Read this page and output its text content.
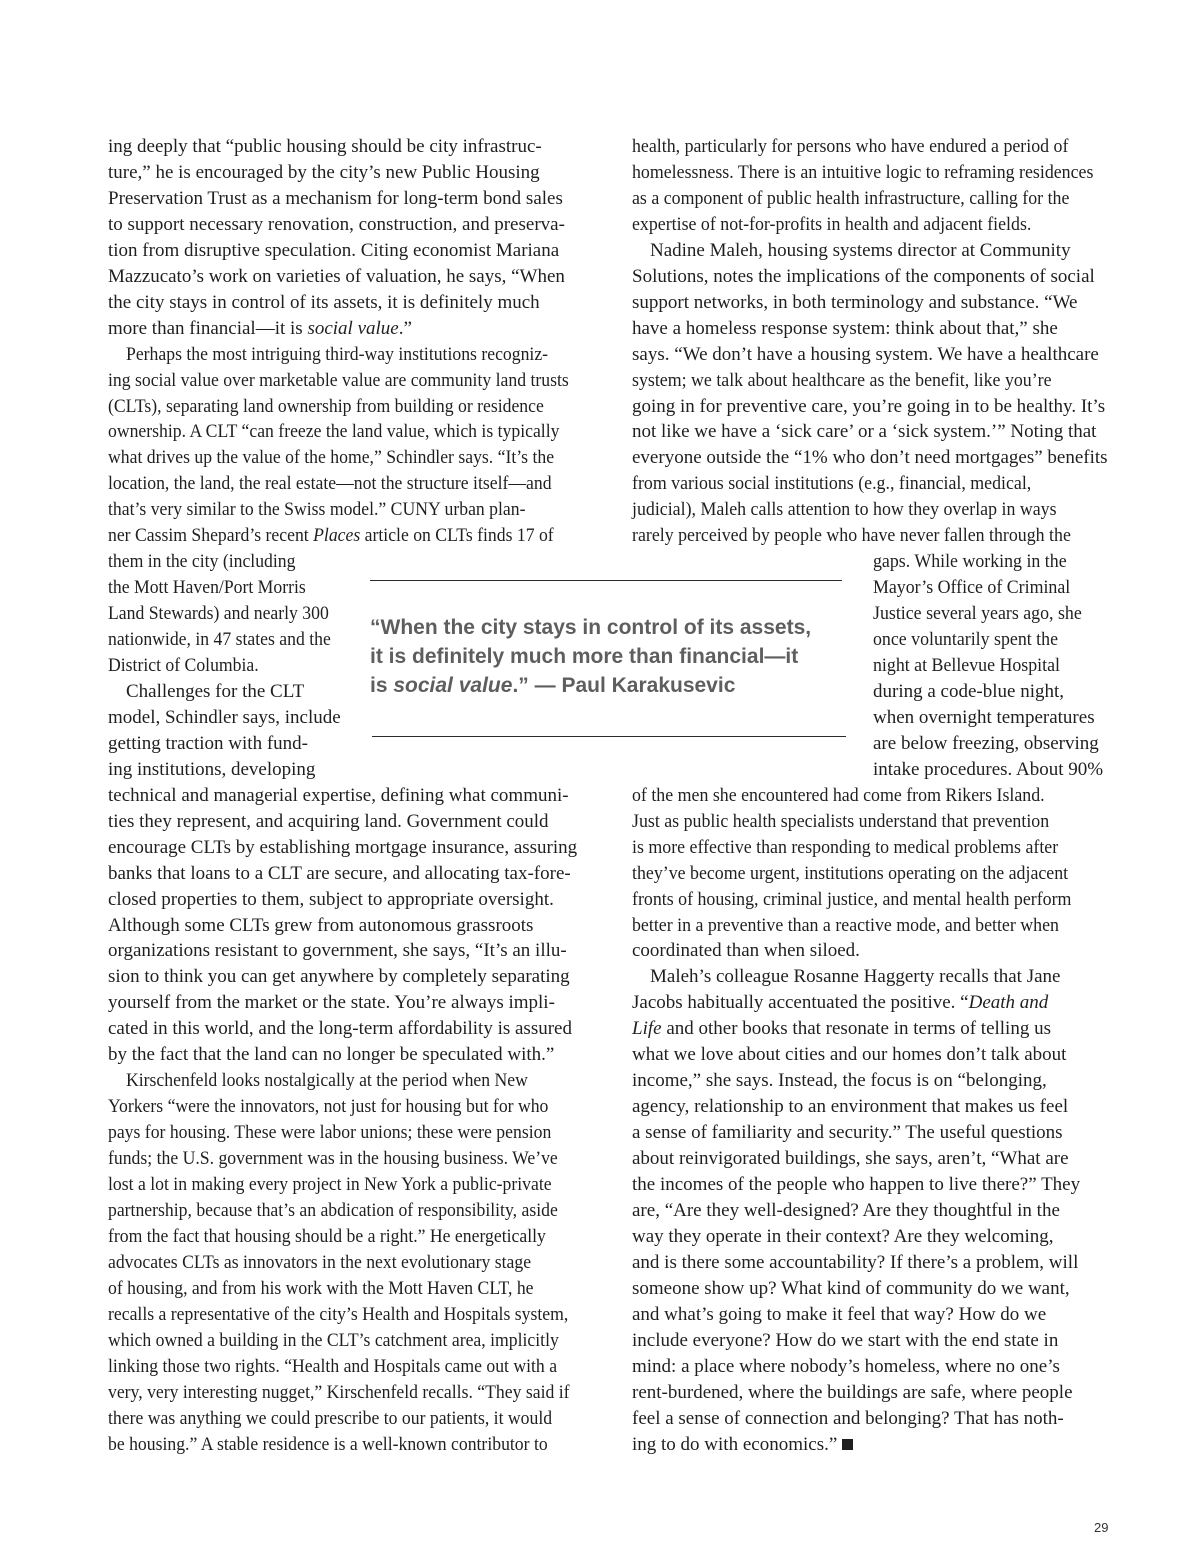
ing deeply that “public housing should be city infrastruc-
ture,” he is encouraged by the city’s new Public Housing
Preservation Trust as a mechanism for long-term bond sales
to support necessary renovation, construction, and preserva-
tion from disruptive speculation. Citing economist Mariana
Mazzucato’s work on varieties of valuation, he says, “When
the city stays in control of its assets, it is definitely much
more than financial—it is social value.”
Perhaps the most intriguing third-way institutions recogniz-
ing social value over marketable value are community land trusts
(CLTs), separating land ownership from building or residence
ownership. A CLT “can freeze the land value, which is typically
what drives up the value of the home,” Schindler says. “It’s the
location, the land, the real estate—not the structure itself—and
that’s very similar to the Swiss model.” CUNY urban plan-
ner Cassim Shepard’s recent Places article on CLTs finds 17 of
them in the city (including
the Mott Haven/Port Morris
Land Stewards) and nearly 300
nationwide, in 47 states and the
District of Columbia.
Challenges for the CLT
model, Schindler says, include
getting traction with fund-
ing institutions, developing
technical and managerial expertise, defining what communi-
ties they represent, and acquiring land. Government could
encourage CLTs by establishing mortgage insurance, assuring
banks that loans to a CLT are secure, and allocating tax-fore-
closed properties to them, subject to appropriate oversight.
Although some CLTs grew from autonomous grassroots
organizations resistant to government, she says, “It’s an illu-
sion to think you can get anywhere by completely separating
yourself from the market or the state. You’re always impli-
cated in this world, and the long-term affordability is assured
by the fact that the land can no longer be speculated with.”
Kirschenfeld looks nostalgically at the period when New
Yorkers “were the innovators, not just for housing but for who
pays for housing. These were labor unions; these were pension
funds; the U.S. government was in the housing business. We’ve
lost a lot in making every project in New York a public-private
partnership, because that’s an abdication of responsibility, aside
from the fact that housing should be a right.” He energetically
advocates CLTs as innovators in the next evolutionary stage
of housing, and from his work with the Mott Haven CLT, he
recalls a representative of the city’s Health and Hospitals system,
which owned a building in the CLT’s catchment area, implicitly
linking those two rights. “Health and Hospitals came out with a
very, very interesting nugget,” Kirschenfeld recalls. “They said if
there was anything we could prescribe to our patients, it would
be housing.” A stable residence is a well-known contributor to
health, particularly for persons who have endured a period of
homelessness. There is an intuitive logic to reframing residences
as a component of public health infrastructure, calling for the
expertise of not-for-profits in health and adjacent fields.
Nadine Maleh, housing systems director at Community
Solutions, notes the implications of the components of social
support networks, in both terminology and substance. “We
have a homeless response system: think about that,” she
says. “We don’t have a housing system. We have a healthcare
system; we talk about healthcare as the benefit, like you’re
going in for preventive care, you’re going in to be healthy. It’s
not like we have a ‘sick care’ or a ‘sick system.’” Noting that
everyone outside the “1% who don’t need mortgages” benefits
from various social institutions (e.g., financial, medical,
judicial), Maleh calls attention to how they overlap in ways
rarely perceived by people who have never fallen through the
gaps. While working in the
Mayor’s Office of Criminal
Justice several years ago, she
once voluntarily spent the
night at Bellevue Hospital
during a code-blue night,
when overnight temperatures
are below freezing, observing
intake procedures. About 90%
of the men she encountered had come from Rikers Island.
Just as public health specialists understand that prevention
is more effective than responding to medical problems after
they’ve become urgent, institutions operating on the adjacent
fronts of housing, criminal justice, and mental health perform
better in a preventive than a reactive mode, and better when
coordinated than when siloed.
Maleh’s colleague Rosanne Haggerty recalls that Jane
Jacobs habitually accentuated the positive. “Death and
Life and other books that resonate in terms of telling us
what we love about cities and our homes don’t talk about
income,” she says. Instead, the focus is on “belonging,
agency, relationship to an environment that makes us feel
a sense of familiarity and security.” The useful questions
about reinvigorated buildings, she says, aren’t, “What are
the incomes of the people who happen to live there?” They
are, “Are they well-designed? Are they thoughtful in the
way they operate in their context? Are they welcoming,
and is there some accountability? If there’s a problem, will
someone show up? What kind of community do we want,
and what’s going to make it feel that way? How do we
include everyone? How do we start with the end state in
mind: a place where nobody’s homeless, where no one’s
rent-burdened, where the buildings are safe, where people
feel a sense of connection and belonging? That has noth-
ing to do with economics.”
“When the city stays in control of its assets,
it is definitely much more than financial—it
is social value.” — Paul Karakusevic
29
